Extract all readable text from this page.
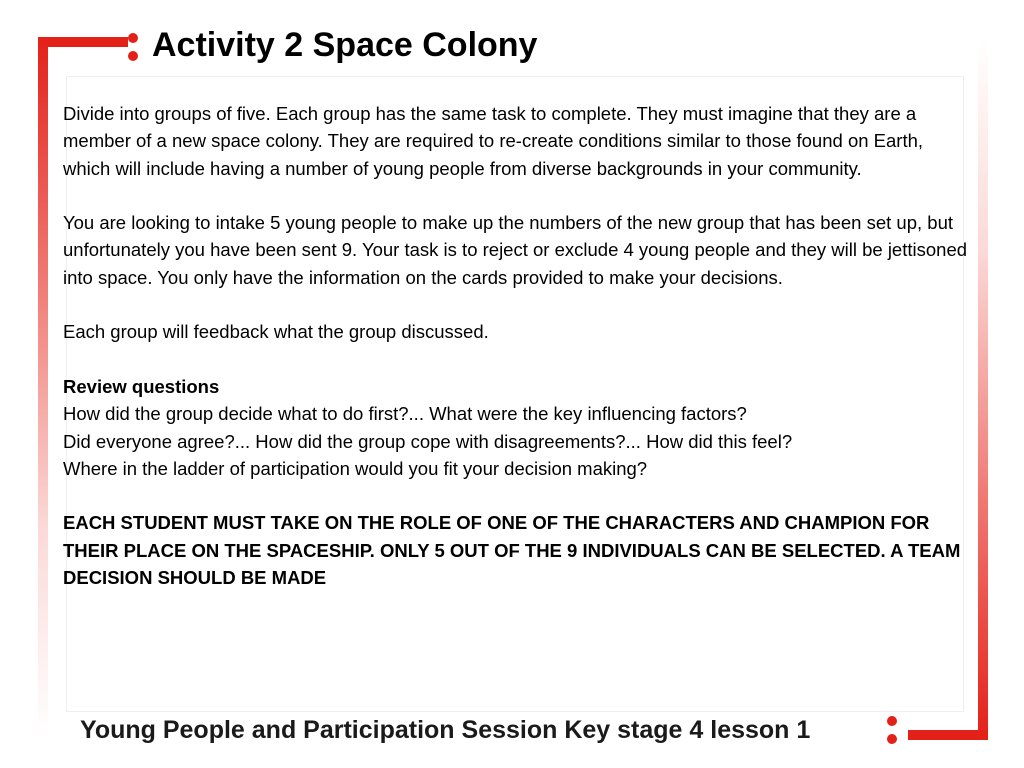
Activity 2 Space Colony

Divide into groups of five. Each group has the same task to complete. They must imagine that they are a member of a new space colony. They are required to re-create conditions similar to those found on Earth, which will include having a number of young people from diverse backgrounds in your community.

You are looking to intake 5 young people to make up the numbers of the new group that has been set up, but unfortunately you have been sent 9. Your task is to reject or exclude 4 young people and they will be jettisoned into space. You only have the information on the cards provided to make your decisions.

Each group will feedback what the group discussed.

Review questions

How did the group decide what to do first?... What were the key influencing factors?

Did everyone agree?... How did the group cope with disagreements?... How did this feel?

Where in the ladder of participation would you fit your decision making?

EACH STUDENT MUST TAKE ON THE ROLE OF ONE OF THE CHARACTERS AND CHAMPION FOR THEIR PLACE ON THE SPACESHIP. ONLY 5 OUT OF THE 9 INDIVIDUALS CAN BE SELECTED. A TEAM DECISION SHOULD BE MADE

Young People and Participation Session Key stage 4 lesson 1
